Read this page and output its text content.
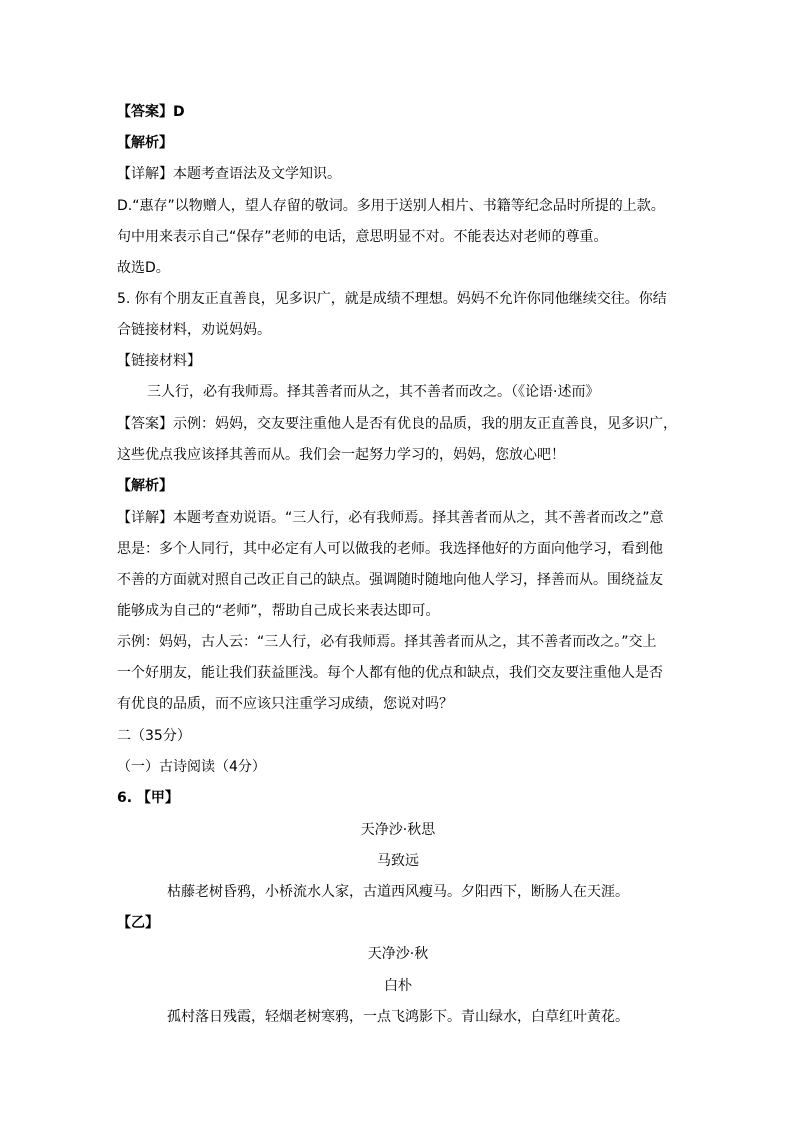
【答案】D
【解析】
【详解】本题考查语法及文学知识。
D.“惠存”以物赠人，望人存留的敬词。多用于送别人相片、书籍等纪念品时所提的上款。
句中用来表示自己“保存”老师的电话，意思明显不对。不能表达对老师的尊重。
故选D。
5. 你有个朋友正直善良，见多识广，就是成绩不理想。妈妈不允许你同他继续交往。你结
合链接材料，劝说妈妈。
【链接材料】
三人行，必有我师焉。择其善者而从之，其不善者而改之。（《论语·述而》
【答案】示例：妈妈，交友要注重他人是否有优良的品质，我的朋友正直善良，见多识广，
这些优点我应该择其善而从。我们会一起努力学习的，妈妈，您放心吧！
【解析】
【详解】本题考查劝说语。“三人行，必有我师焉。择其善者而从之，其不善者而改之”意
思是：多个人同行，其中必定有人可以做我的老师。我选择他好的方面向他学习，看到他
不善的方面就对照自己改正自己的缺点。强调随时随地向他人学习，择善而从。围绕益友
能够成为自己的“老师”，帮助自己成长来表达即可。
示例：妈妈，古人云：“三人行，必有我师焉。择其善者而从之，其不善者而改之。”交上
一个好朋友，能让我们获益匪浅。每个人都有他的优点和缺点，我们交友要注重他人是否
有优良的品质，而不应该只注重学习成绩，您说对吗？
二（35分）
（一）古诗阅读（4分）
6. 【甲】
天净沙·秋思
马致远
枯藤老树昏鸦，小桥流水人家，古道西风瘦马。夕阳西下，断肠人在天涯。
【乙】
天净沙·秋
白朴
孤村落日残霞，轻烟老树寒鸦，一点飞鸿影下。青山绿水，白草红叶黄花。
